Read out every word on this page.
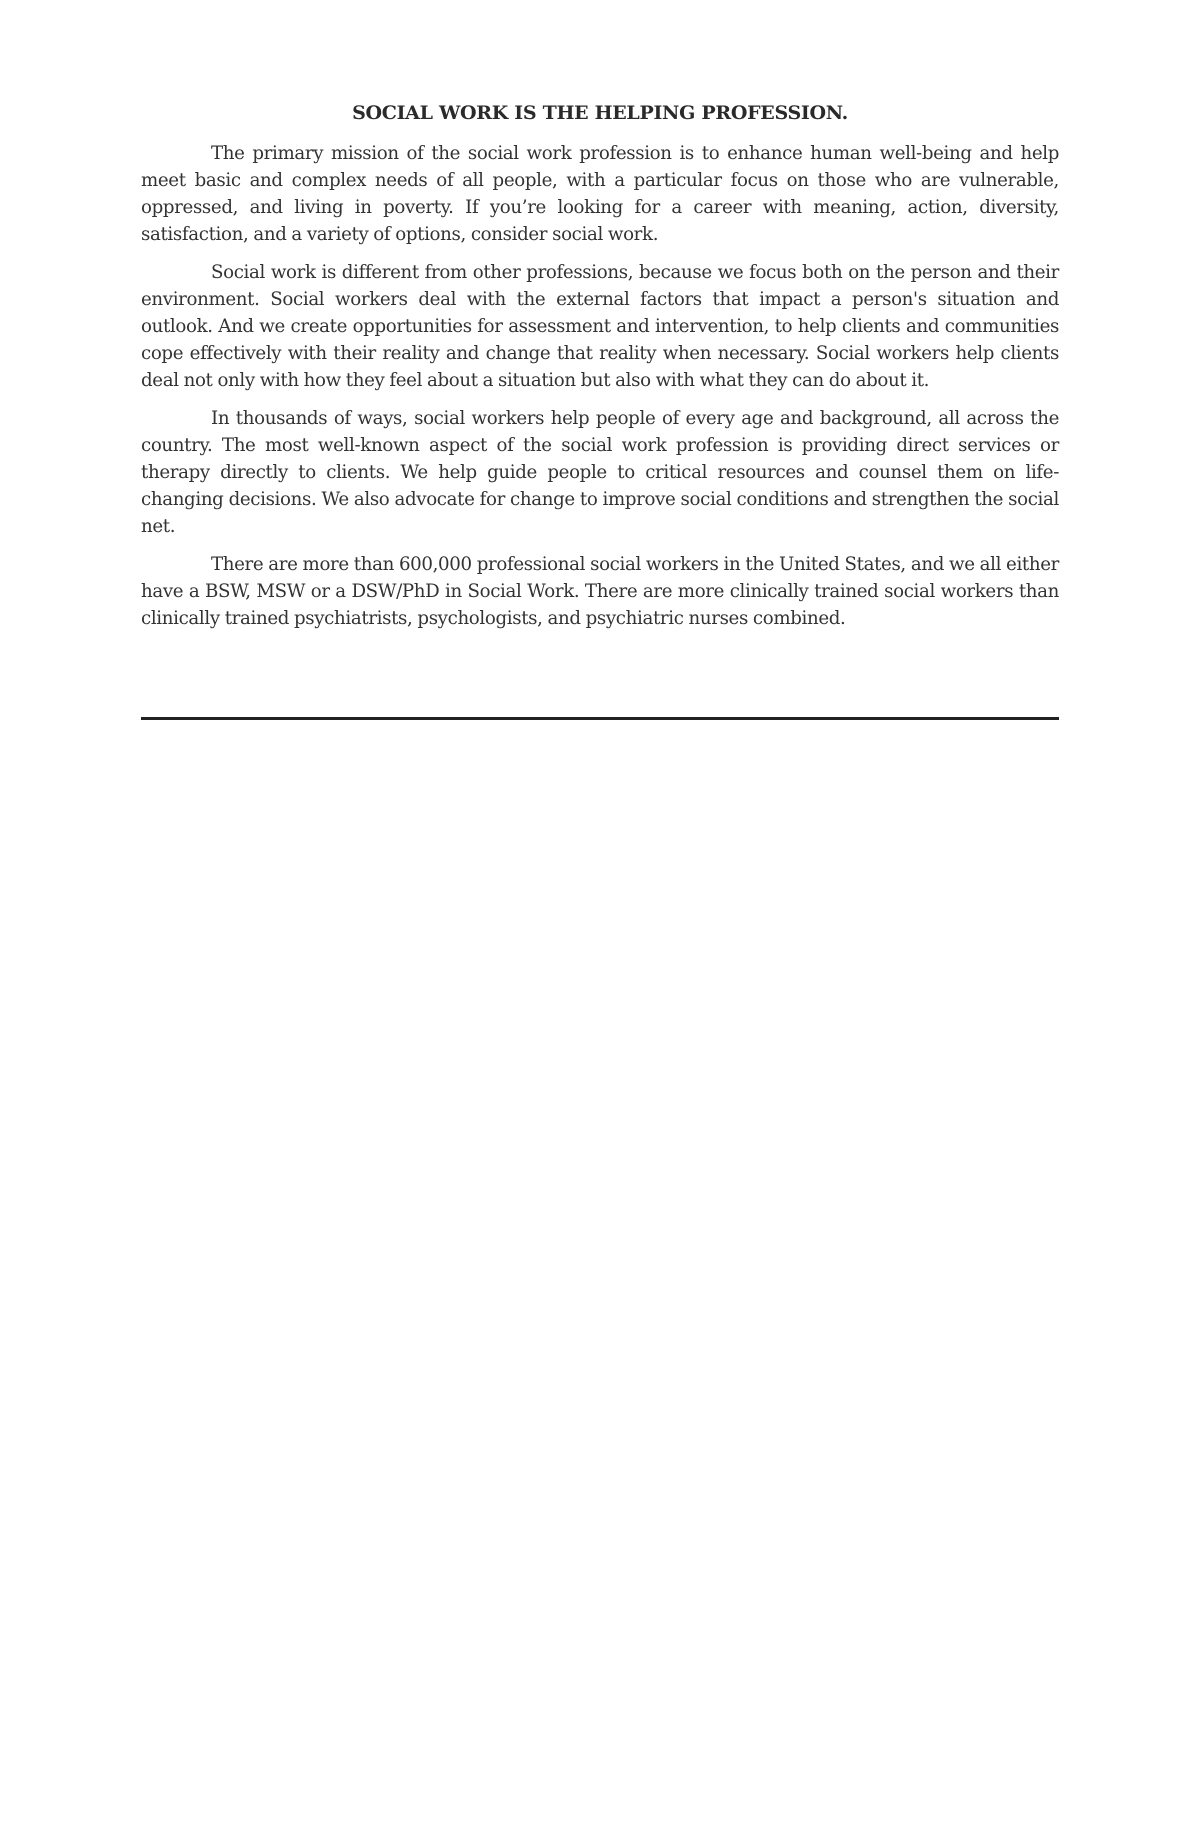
SOCIAL WORK IS THE HELPING PROFESSION.

The primary mission of the social work profession is to enhance human well-being and help meet basic and complex needs of all people, with a particular focus on those who are vulnerable, oppressed, and living in poverty. If you’re looking for a career with meaning, action, diversity, satisfaction, and a variety of options, consider social work.

Social work is different from other professions, because we focus both on the person and their environment. Social workers deal with the external factors that impact a person's situation and outlook. And we create opportunities for assessment and intervention, to help clients and communities cope effectively with their reality and change that reality when necessary. Social workers help clients deal not only with how they feel about a situation but also with what they can do about it.

In thousands of ways, social workers help people of every age and background, all across the country. The most well-known aspect of the social work profession is providing direct services or therapy directly to clients. We help guide people to critical resources and counsel them on life-changing decisions. We also advocate for change to improve social conditions and strengthen the social net.

There are more than 600,000 professional social workers in the United States, and we all either have a BSW, MSW or a DSW/PhD in Social Work. There are more clinically trained social workers than clinically trained psychiatrists, psychologists, and psychiatric nurses combined.
